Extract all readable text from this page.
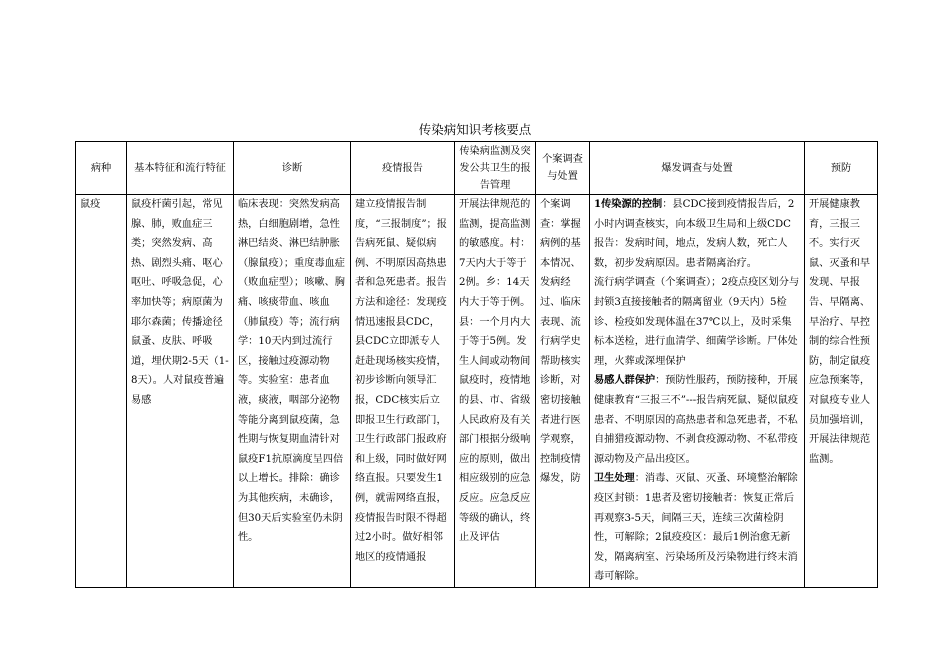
传染病知识考核要点
病种	基本特征和流行特征	诊断	疫情报告	传染病监测及突发公共卫生的报告管理	个案调查与处置	爆发调查与处置	预防
鼠疫	鼠疫杆菌引起，常见腺、肺，败血症三类；突然发病、高热、剧烈头痛、呕心呕吐、呼吸急促，心率加快等；病原菌为耶尔森菌；传播途径鼠蚤、皮肤、呼吸道，埋伏期2-5天（1-8天）。人对鼠疫普遍易感	临床表现：突然发病高热，白细胞剧增，急性淋巴结炎、淋巴结肿胀（腺鼠疫）；重度毒血症（败血症型）；咳嗽、胸痛、咳痰带血、咳血（肺鼠疫）等；流行病学：10天内到过流行区，接触过疫源动物等。实验室：患者血液，痰液，咽部分泌物等能分离到鼠疫菌，急性期与恢复期血清针对鼠疫F1抗原滴度呈四倍以上增长。排除：确诊为其他疾病，未确诊，但30天后实验室仍未阴性。	建立疫情报告制度，“三报制度”；报告病死鼠、疑似病例、不明原因高热患者和急死患者。报告方法和途径：发现疫情迅速报县CDC，县CDC立即派专人赶赴现场核实疫情，初步诊断向领导汇报，CDC核实后立即报卫生行政部门，卫生行政部门报政府和上级，同时做好网络直报。只要发生1例，就需网络直报，疫情报告时限不得超过2小时。做好相邻地区的疫情通报	开展法律规范的监测，提高监测的敏感度。村：7天内大于等于2例。乡：14天内大于等于例。县：一个月内大于等于5例。发生人间或动物间鼠疫时，疫情地的县、市、省级人民政府及有关部门根据分级响应的原则，做出相应级别的应急反应。应急反应等级的确认，终止及评估	个案调查：掌握病例的基本情况、发病经过、临床表现、流行病学史帮助核实诊断，对密切接触者进行医学观察，控制疫情爆发，防	1传染源的控制：县CDC接到疫情报告后，2小时内调查核实，向本级卫生局和上级CDC报告：发病时间，地点，发病人数，死亡人数，初步发病原因。患者隔离治疗。
流行病学调查（个案调查）；2疫点疫区划分与封锁3直接接触者的隔离留业（9天内）5检诊、检疫如发现体温在37℃以上，及时采集标本送检，进行血清学、细菌学诊断。尸体处理，火葬或深埋保护
易感人群保护：预防性服药，预防接种，开展健康教育“三报三不”---报告病死鼠、疑似鼠疫患者、不明原因的高热患者和急死患者，不私自捕猎疫源动物、不剥食疫源动物、不私带疫源动物及产品出疫区。
卫生处理：消毒、灭鼠、灭蚤、环境整治解除疫区封锁：1患者及密切接触者：恢复正常后再观察3-5天，间隔三天，连续三次菌检阴性，可解除；2鼠疫疫区：最后1例治愈无新发，隔离病室、污染场所及污染物进行终末消毒可解除。	开展健康教育，三报三不。实行灭鼠、灭蚤和早发现、早报告、早隔离、早治疗、早控制的综合性预防，制定鼠疫应急预案等，对鼠疫专业人员加强培训，开展法律规范监测。
